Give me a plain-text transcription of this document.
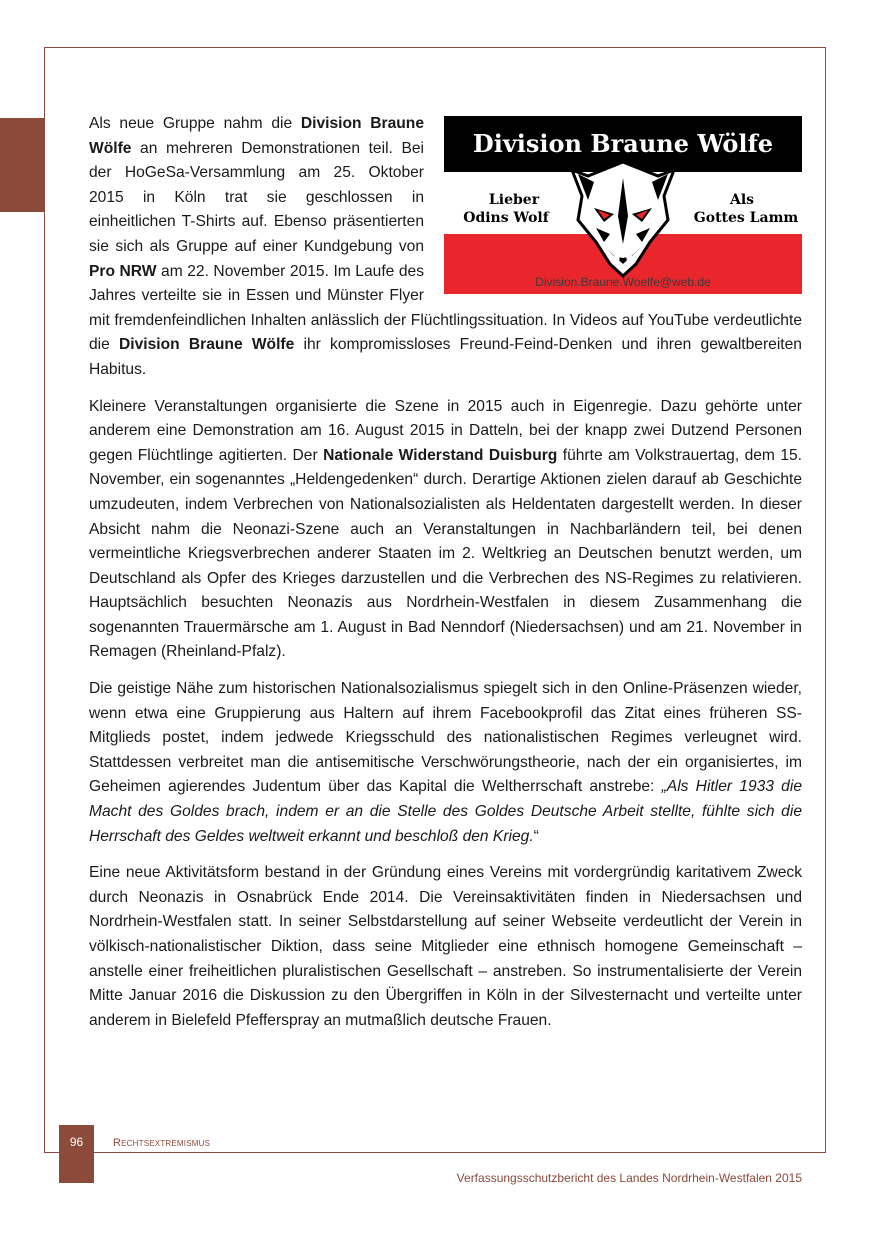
Division Braune Wölfe
Lieber
Odins Wolf
Als
Gottes Lamm
Division.Braune.Woelfe@web.de

Als neue Gruppe nahm die Division Braune Wölfe an mehreren Demonstrationen teil. Bei der HoGeSa-Versammlung am 25. Oktober 2015 in Köln trat sie geschlossen in einheitlichen T-Shirts auf. Ebenso präsentierten sie sich als Gruppe auf einer Kundgebung von Pro NRW am 22. November 2015. Im Laufe des Jahres verteilte sie in Essen und Münster Flyer mit fremdenfeindlichen Inhalten anlässlich der Flüchtlingssituation. In Videos auf YouTube verdeutlichte die Division Braune Wölfe ihr kompromissloses Freund-Feind-Denken und ihren gewaltbereiten Habitus.

Kleinere Veranstaltungen organisierte die Szene in 2015 auch in Eigenregie. Dazu gehörte unter anderem eine Demonstration am 16. August 2015 in Datteln, bei der knapp zwei Dutzend Personen gegen Flüchtlinge agitierten. Der Nationale Widerstand Duisburg führte am Volkstrauertag, dem 15. November, ein sogenanntes „Heldengedenken“ durch. Derartige Aktionen zielen darauf ab Geschichte umzudeuten, indem Verbrechen von Nationalsozialisten als Heldentaten dargestellt werden. In dieser Absicht nahm die Neonazi-Szene auch an Veranstaltungen in Nachbarländern teil, bei denen vermeintliche Kriegsverbrechen anderer Staaten im 2. Weltkrieg an Deutschen benutzt werden, um Deutschland als Opfer des Krieges darzustellen und die Verbrechen des NS-Regimes zu relativieren. Hauptsächlich besuchten Neonazis aus Nordrhein-Westfalen in diesem Zusammenhang die sogenannten Trauermärsche am 1. August in Bad Nenndorf (Niedersachsen) und am 21. November in Remagen (Rheinland-Pfalz).

Die geistige Nähe zum historischen Nationalsozialismus spiegelt sich in den Online-Präsenzen wieder, wenn etwa eine Gruppierung aus Haltern auf ihrem Facebookprofil das Zitat eines früheren SS-Mitglieds postet, indem jedwede Kriegsschuld des nationalistischen Regimes verleugnet wird. Stattdessen verbreitet man die antisemitische Verschwörungstheorie, nach der ein organisiertes, im Geheimen agierendes Judentum über das Kapital die Weltherrschaft anstrebe: „Als Hitler 1933 die Macht des Goldes brach, indem er an die Stelle des Goldes Deutsche Arbeit stellte, fühlte sich die Herrschaft des Geldes weltweit erkannt und beschloß den Krieg.“

Eine neue Aktivitätsform bestand in der Gründung eines Vereins mit vordergründig karitativem Zweck durch Neonazis in Osnabrück Ende 2014. Die Vereinsaktivitäten finden in Niedersachsen und Nordrhein-Westfalen statt. In seiner Selbstdarstellung auf seiner Webseite verdeutlicht der Verein in völkisch-nationalistischer Diktion, dass seine Mitglieder eine ethnisch homogene Gemeinschaft – anstelle einer freiheitlichen pluralistischen Gesellschaft – anstreben. So instrumentalisierte der Verein Mitte Januar 2016 die Diskussion zu den Übergriffen in Köln in der Silvesternacht und verteilte unter anderem in Bielefeld Pfefferspray an mutmaßlich deutsche Frauen.

96	Rechtsextremismus
Verfassungsschutzbericht des Landes Nordrhein-Westfalen 2015
